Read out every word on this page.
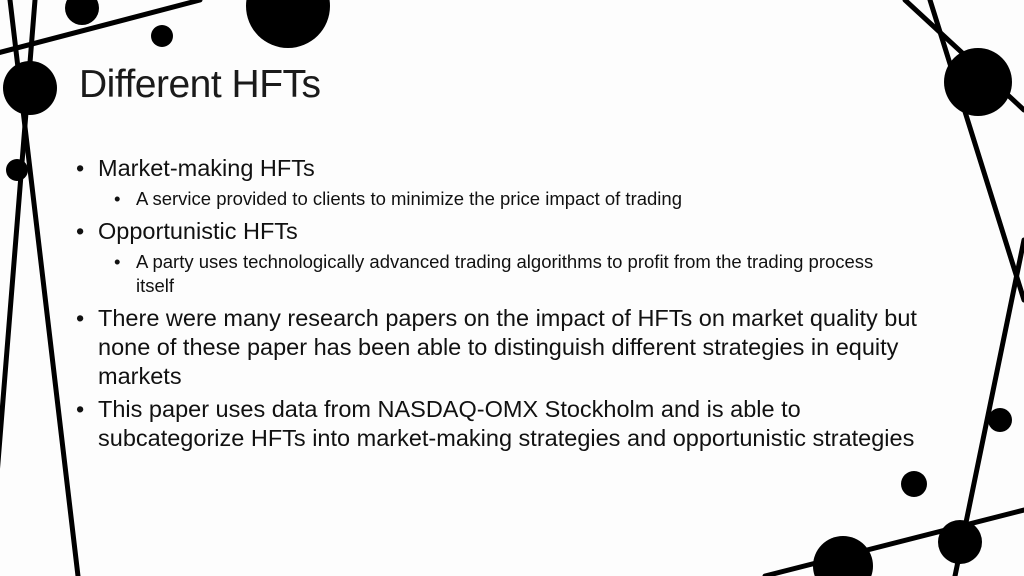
Different HFTs
• Market-making HFTs
• A service provided to clients to minimize the price impact of trading
• Opportunistic HFTs
• A party uses technologically advanced trading algorithms to profit from the trading process itself
• There were many research papers on the impact of HFTs on market quality but none of these paper has been able to distinguish different strategies in equity markets
• This paper uses data from NASDAQ-OMX Stockholm and is able to subcategorize HFTs into market-making strategies and opportunistic strategies
